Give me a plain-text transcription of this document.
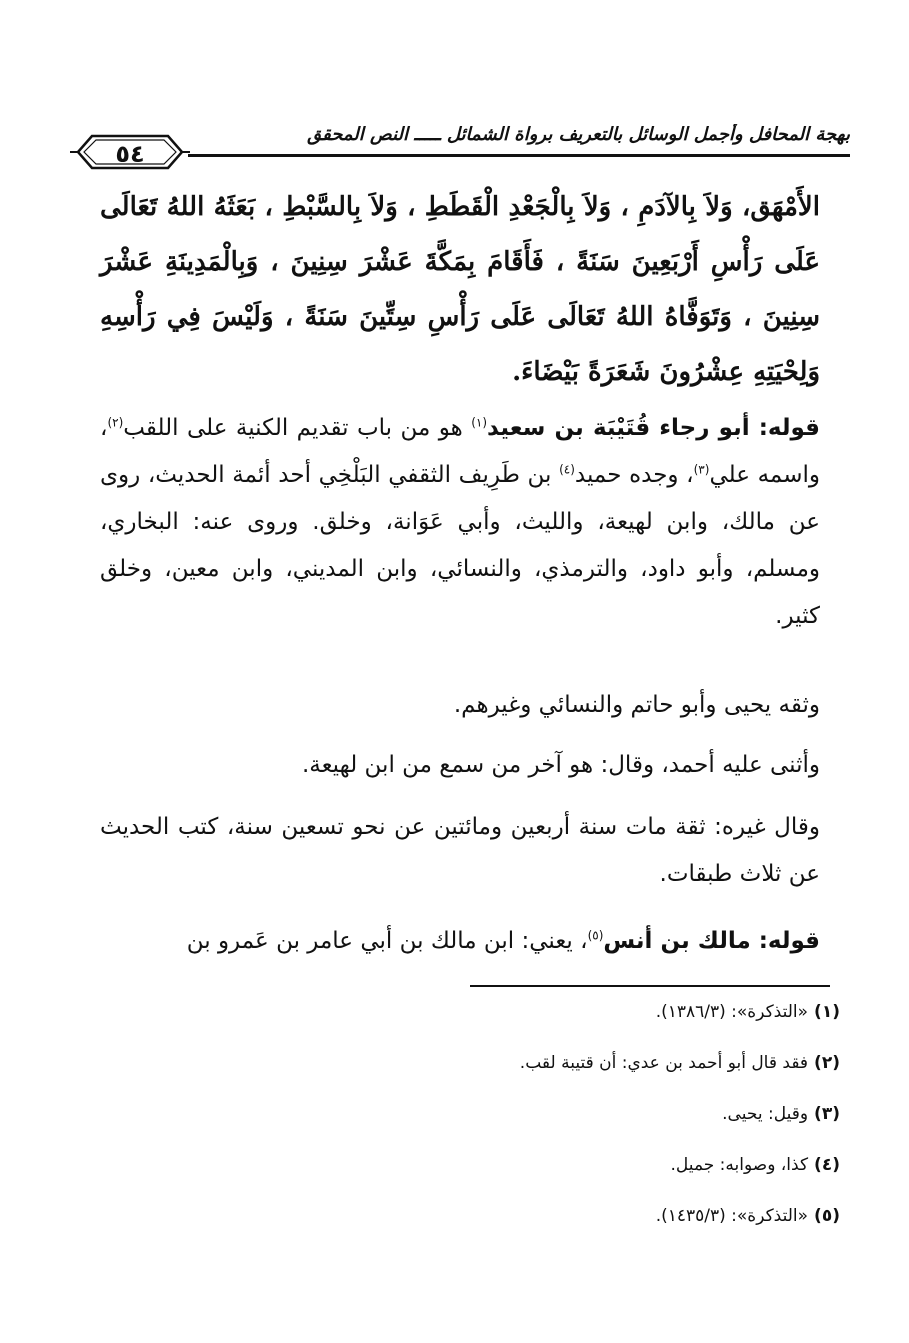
بهجة المحافل وأجمل الوسائل بالتعريف برواة الشمائل ـــــ النص المحقق
٥٤
الأَمْهَق، وَلاَ بِالآدَمِ ، وَلاَ بِالْجَعْدِ الْقَطَطِ ، وَلاَ بِالسَّبْطِ ، بَعَثَهُ اللهُ تَعَالَى عَلَى رَأْسِ أَرْبَعِينَ سَنَةً ، فَأَقَامَ بِمَكَّةَ عَشْرَ سِنِينَ ، وَبِالْمَدِينَةِ عَشْرَ سِنِينَ ، وَتَوَفَّاهُ اللهُ تَعَالَى عَلَى رَأْسِ سِتِّينَ سَنَةً ، وَلَيْسَ فِي رَأْسِهِ وَلِحْيَتِهِ عِشْرُونَ شَعَرَةً بَيْضَاءَ.
قوله: أبو رجاء قُتَيْبَة بن سعيد$^{(١)}$ هو من باب تقديم الكنية على اللقب$^{(٢)}$، واسمه علي$^{(٣)}$، وجده حميد$^{(٤)}$ بن طَرِيف الثقفي البَلْخِي أحد أئمة الحديث، روى عن مالك، وابن لهيعة، والليث، وأبي عَوَانة، وخلق. وروى عنه: البخاري، ومسلم، وأبو داود، والترمذي، والنسائي، وابن المديني، وابن معين، وخلق كثير.
وثقه يحيى وأبو حاتم والنسائي وغيرهم.
وأثنى عليه أحمد، وقال: هو آخر من سمع من ابن لهيعة.
وقال غيره: ثقة مات سنة أربعين ومائتين عن نحو تسعين سنة، كتب الحديث عن ثلاث طبقات.
قوله: مالك بن أنس$^{(٥)}$، يعني: ابن مالك بن أبي عامر بن عَمرو بن
(١)«التذكرة»: (١٣٨٦/٣).
(٢)فقد قال أبو أحمد بن عدي: أن قتيبة لقب.
(٣)وقيل: يحيى.
(٤)كذا، وصوابه: جميل.
(٥)«التذكرة»: (١٤٣٥/٣).
